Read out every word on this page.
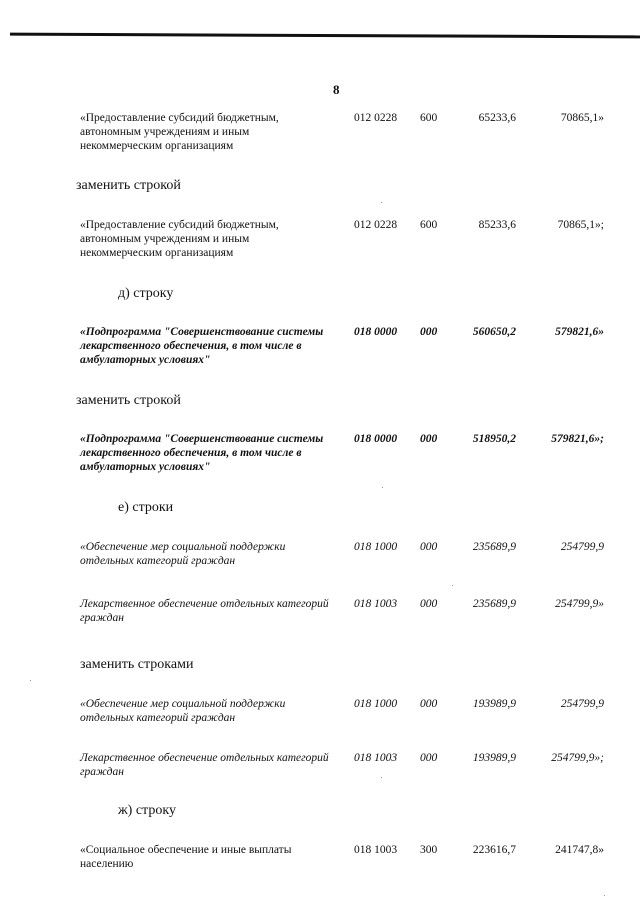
8
«Предоставление субсидий бюджетным, автономным учреждениям и иным некоммерческим организациям
012 0228 600	65233,6	70865,1»
заменить строкой
«Предоставление субсидий бюджетным, автономным учреждениям и иным некоммерческим организациям
012 0228 600	85233,6	70865,1»;
д) строку
«Подпрограмма "Совершенствование системы лекарственного обеспечения, в том числе в амбулаторных условиях"
018 0000 000	560650,2	579821,6»
заменить строкой
«Подпрограмма "Совершенствование системы лекарственного обеспечения, в том числе в амбулаторных условиях"
018 0000 000	518950,2	579821,6»;
е) строки
«Обеспечение мер социальной поддержки отдельных категорий граждан
018 1000 000	235689,9	254799,9
Лекарственное обеспечение отдельных категорий граждан
018 1003 000	235689,9	254799,9»
заменить строками
«Обеспечение мер социальной поддержки отдельных категорий граждан
018 1000 000	193989,9	254799,9
Лекарственное обеспечение отдельных категорий граждан
018 1003 000	193989,9	254799,9»;
ж) строку
«Социальное обеспечение и иные выплаты населению
018 1003 300	223616,7	241747,8»
